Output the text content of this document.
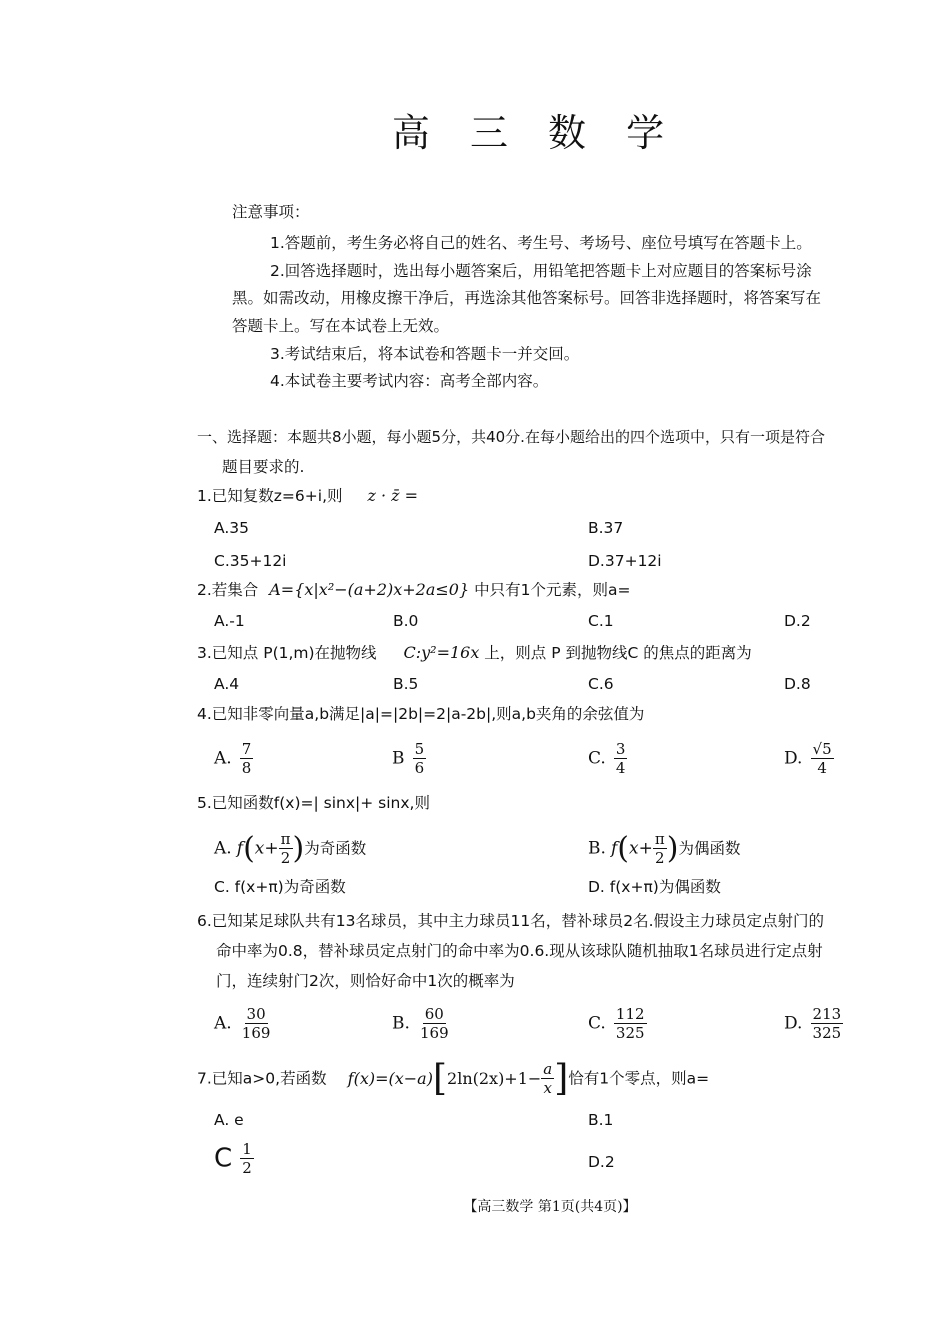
高 三 数 学
注意事项：
1.答题前，考生务必将自己的姓名、考生号、考场号、座位号填写在答题卡上。
2.回答选择题时，选出每小题答案后，用铅笔把答题卡上对应题目的答案标号涂
黑。如需改动，用橡皮擦干净后，再选涂其他答案标号。回答非选择题时，将答案写在
答题卡上。写在本试卷上无效。
3.考试结束后，将本试卷和答题卡一并交回。
4.本试卷主要考试内容：高考全部内容。
一、选择题：本题共8小题，每小题5分，共40分.在每小题给出的四个选项中，只有一项是符合
题目要求的.
1.已知复数z=6+i,则 z · z̄ =
A.35	B.37
C.35+12i	D.37+12i
2.若集合 A={x|x²−(a+2)x+2a≤0} 中只有1个元素，则a=
A.-1	B.0	C.1	D.2
3.已知点 P(1,m)在抛物线 C:y²=16x 上，则点 P 到抛物线C 的焦点的距离为
A.4	B.5	C.6	D.8
4.已知非零向量a,b满足|a|=|2b|=2|a-2b|,则a,b夹角的余弦值为
A. $\frac{7}{8}$	B $\frac{5}{6}$	C. $\frac{3}{4}$	D. $\frac{√5}{4}$
5.已知函数f(x)=| sinx|+ sinx,则
A. $f(x+ \frac{\pi}{2}$ )为奇函数	B. $f(x+ \frac{\pi}{2}$ )为偶函数
C. f(x+π)为奇函数	D. f(x+π)为偶函数
6.已知某足球队共有13名球员，其中主力球员11名，替补球员2名.假设主力球员定点射门的
命中率为0.8，替补球员定点射门的命中率为0.6.现从该球队随机抽取1名球员进行定点射
门，连续射门2次，则恰好命中1次的概率为
A. $\frac{30}{169}$	B. $\frac{60}{169}$	C. $\frac{112}{325}$	D. $\frac{213}{325}$
7.已知a>0,若函数 $f(x)=(x-a)[2\ln(2x)+1- \frac{a}{x}$ ]恰有1个零点，则a=
A. e	B.1
C $\frac{1}{2}$	D.2
【高三数学 第1页(共4页)】
